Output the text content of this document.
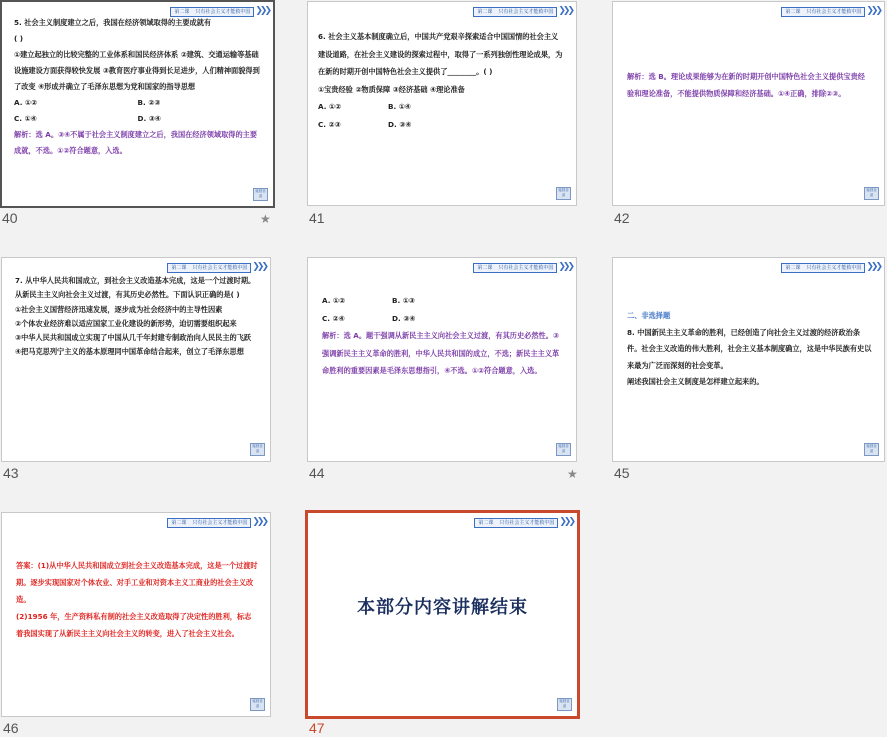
第二课 只有社会主义才能救中国 ❯❯❯

5. 社会主义制度建立之后，我国在经济领域取得的主要成就有

( )

①建立起独立的比较完整的工业体系和国民经济体系 ②建筑、交通运输等基础设施建设方面获得较快发展 ③教育医疗事业得到长足进步，人们精神面貌得到了改变 ④形成并确立了毛泽东思想为党和国家的指导思想

A. ①②	B. ②③
C. ①④	D. ③④

解析：选 A。③④不属于社会主义制度建立之后，我国在经济领域取得的主要成就，不选。①②符合题意，入选。

返回目录
40	★
第二课 只有社会主义才能救中国 ❯❯❯

6. 社会主义基本制度确立后，中国共产党艰辛探索适合中国国情的社会主义建设道路，在社会主义建设的探索过程中，取得了一系列独创性理论成果，为在新的时期开创中国特色社会主义提供了________。( )

①宝贵经验 ②物质保障 ③经济基础 ④理论准备

A. ①②	B. ①④
C. ②③	D. ③④
返回目录
41
第二课 只有社会主义才能救中国 ❯❯❯

解析：选 B。理论成果能够为在新的时期开创中国特色社会主义提供宝贵经验和理论准备，不能提供物质保障和经济基础。①④正确，排除②③。

返回目录
42
第二课 只有社会主义才能救中国 ❯❯❯

7. 从中华人民共和国成立，到社会主义改造基本完成，这是一个过渡时期。从新民主主义向社会主义过渡，有其历史必然性。下面认识正确的是( )

①社会主义国营经济迅速发展，逐步成为社会经济中的主导性因素

②个体农业经济难以适应国家工业化建设的新形势，迫切需要组织起来

③中华人民共和国成立实现了中国从几千年封建专制政治向人民民主的飞跃

④把马克思列宁主义的基本原理同中国革命结合起来，创立了毛泽东思想

返回目录
43
第二课 只有社会主义才能救中国 ❯❯❯
A. ①②	B. ①③
C. ②④	D. ③④

解析：选 A。题干强调从新民主主义向社会主义过渡，有其历史必然性。③强调新民主主义革命的胜利，中华人民共和国的成立，不选；新民主主义革命胜利的重要因素是毛泽东思想指引，④不选。①②符合题意，入选。

返回目录
44	★
第二课 只有社会主义才能救中国 ❯❯❯

二、非选择题

8. 中国新民主主义革命的胜利，已经创造了向社会主义过渡的经济政治条件。社会主义改造的伟大胜利，社会主义基本制度确立，这是中华民族有史以来最为广泛而深刻的社会变革。

阐述我国社会主义制度是怎样建立起来的。

返回目录
45
第二课 只有社会主义才能救中国 ❯❯❯

答案：(1)从中华人民共和国成立到社会主义改造基本完成，这是一个过渡时期。逐步实现国家对个体农业、对手工业和对资本主义工商业的社会主义改造。

(2)1956 年，生产资料私有制的社会主义改造取得了决定性的胜利，标志着我国实现了从新民主主义向社会主义的转变，进入了社会主义社会。

返回目录
46
第二课 只有社会主义才能救中国 ❯❯❯
本部分内容讲解结束
返回目录
47
